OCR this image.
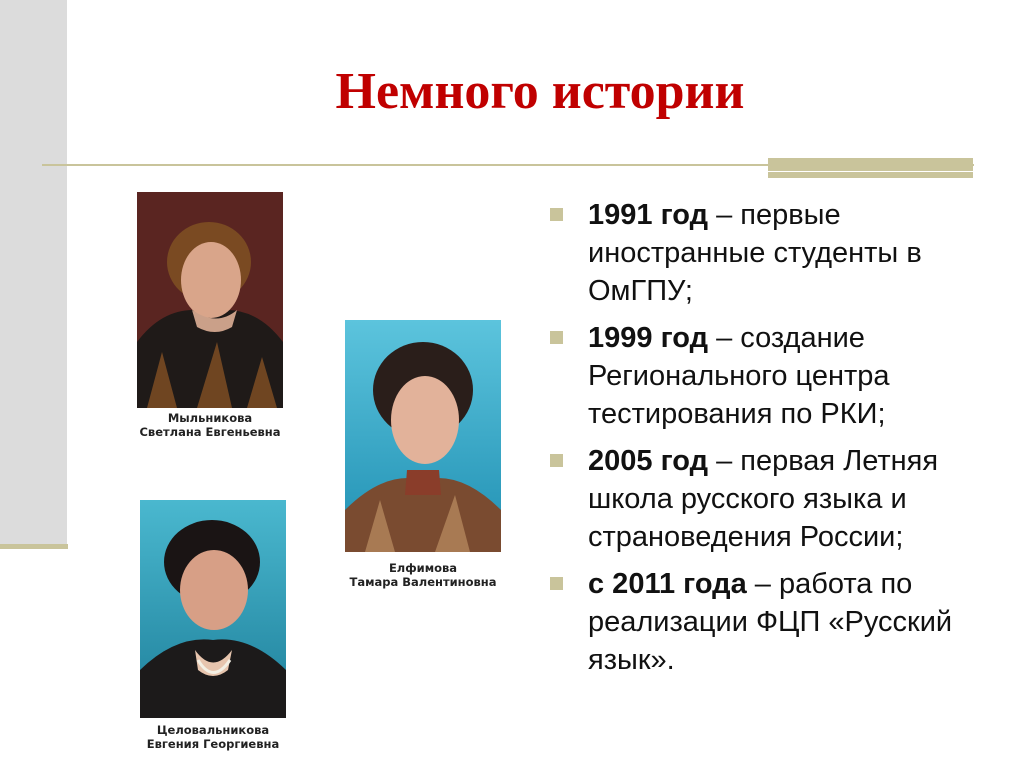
Немного истории
Мыльникова
Светлана Евгеньевна
Елфимова
Тамара Валентиновна
Целовальникова
Евгения Георгиевна
1991 год – первые иностранные студенты в ОмГПУ;
1999 год – создание Регионального центра тестирования по РКИ;
2005 год – первая Летняя школа русского языка и страноведения России;
с 2011 года – работа по реализации ФЦП «Русский язык».
